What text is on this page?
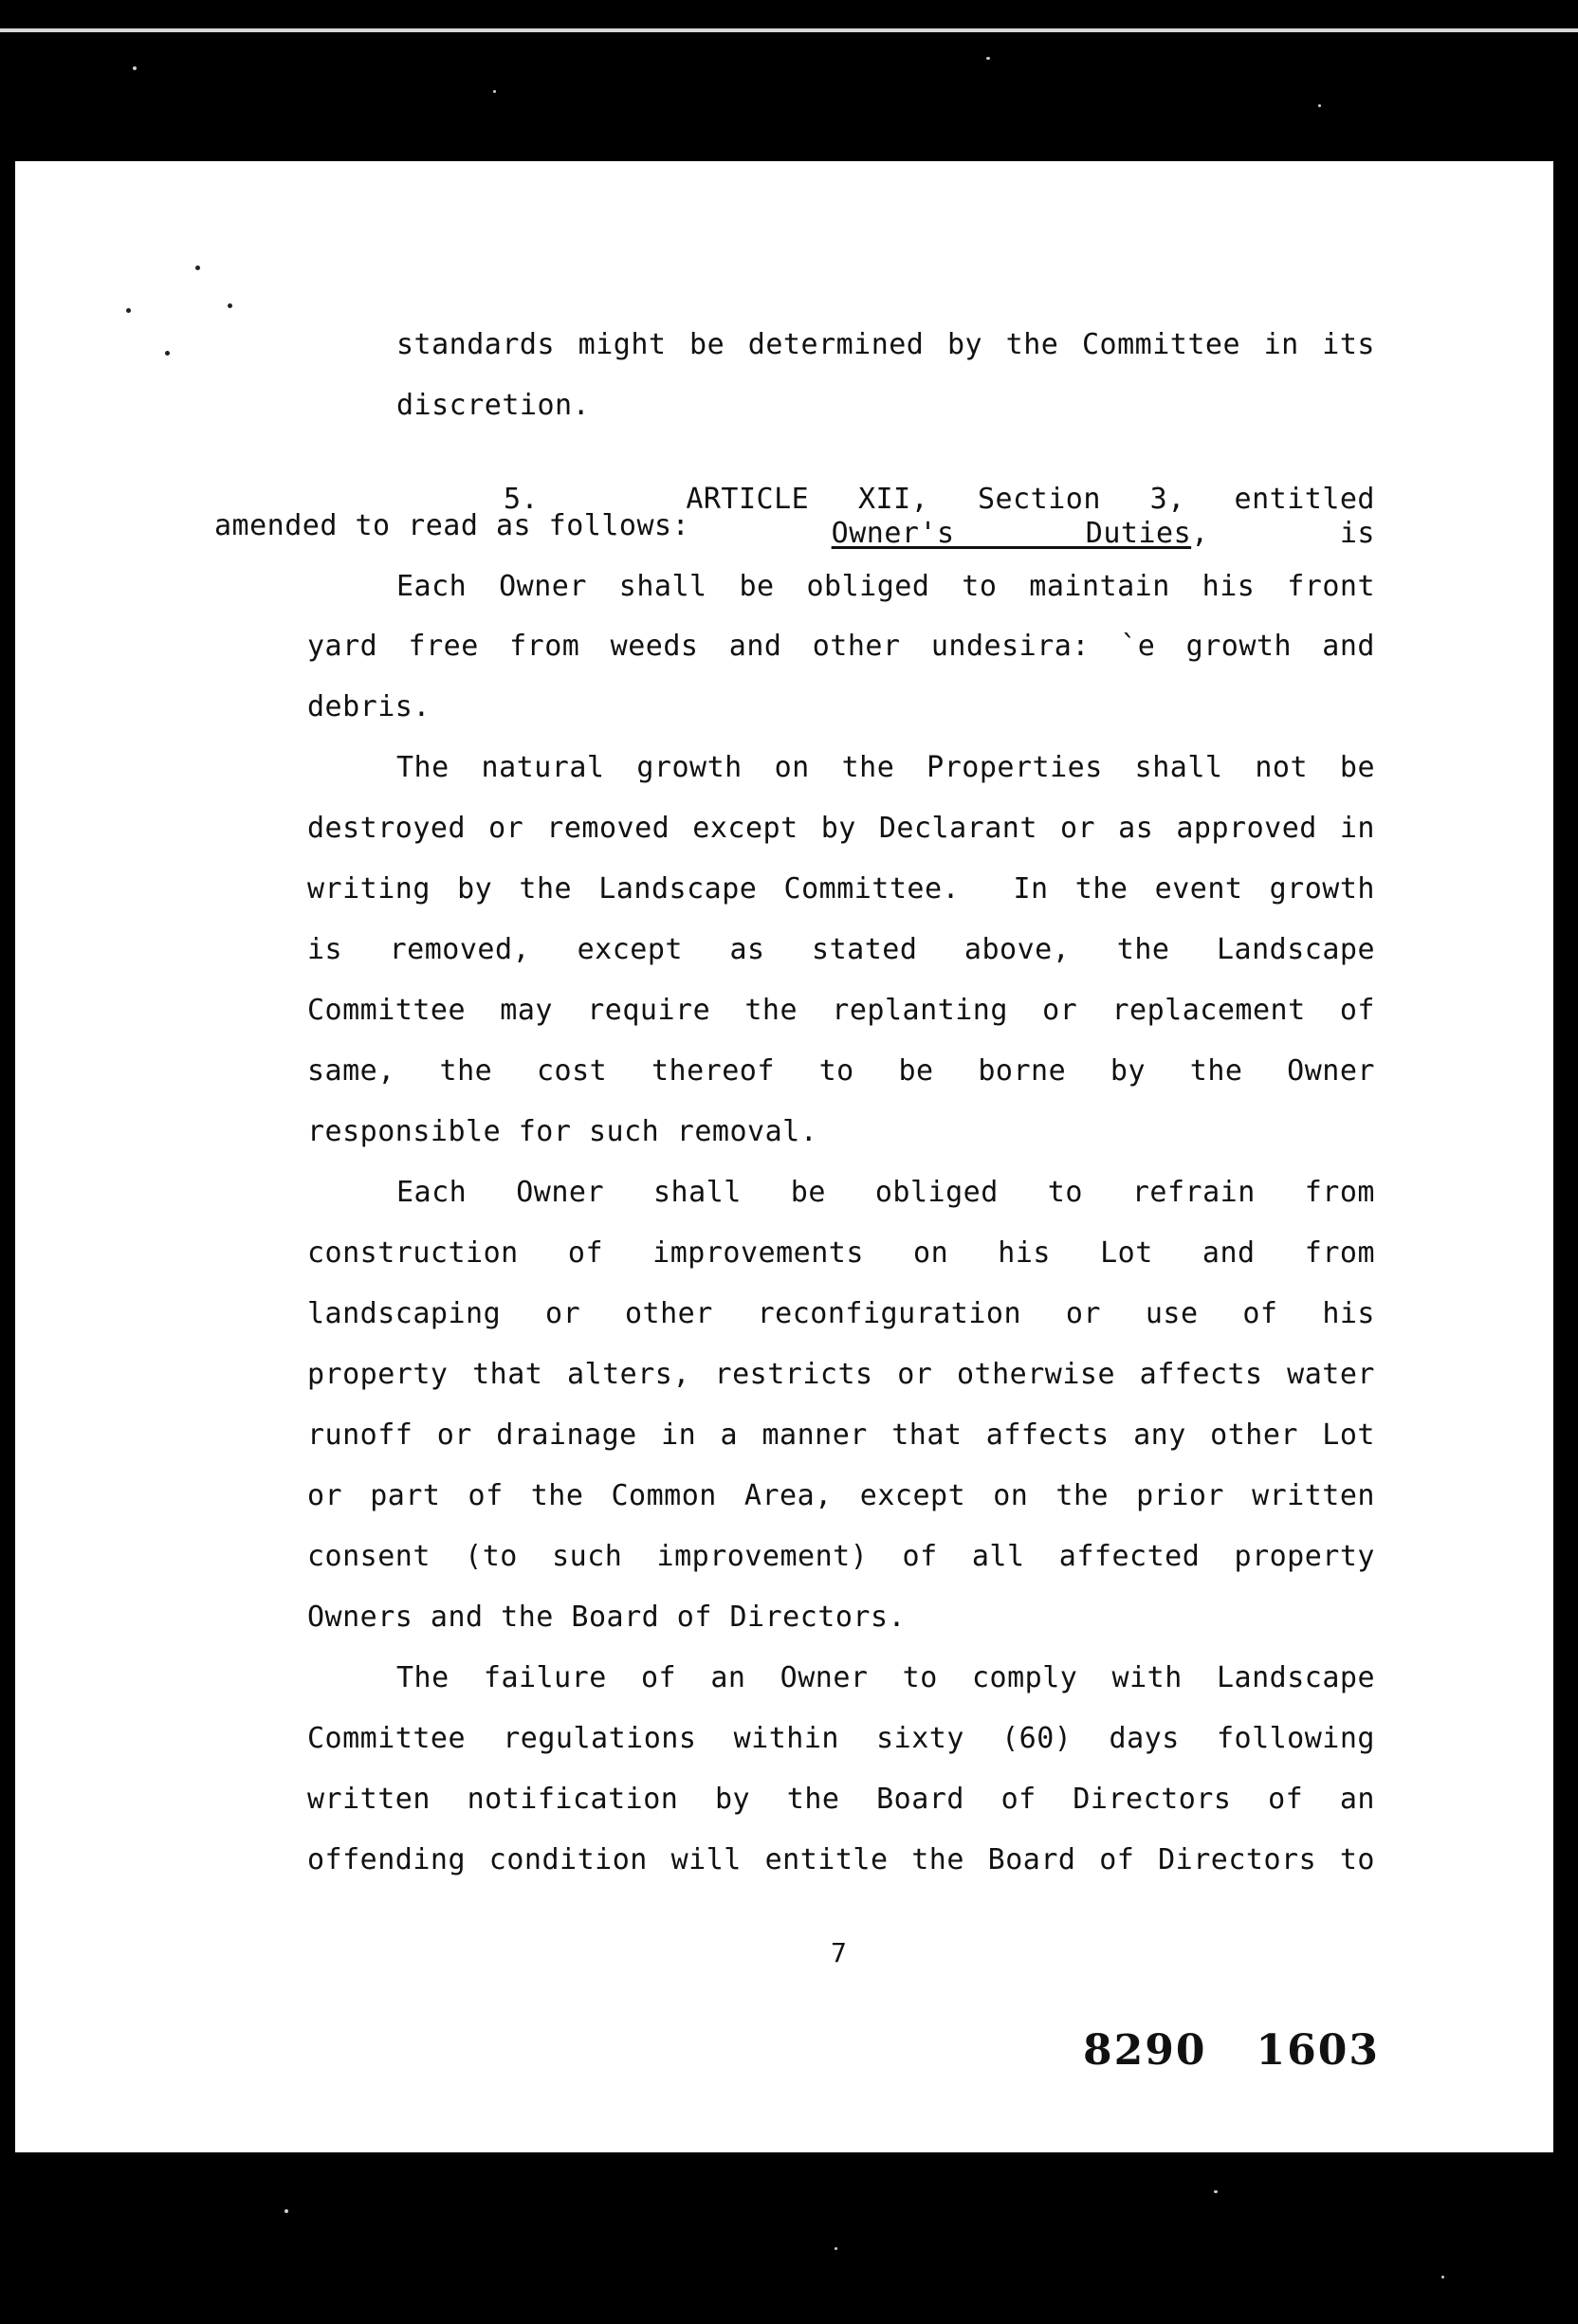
standards might be determined by the Committee in its
discretion.

5.   ARTICLE XII, Section 3, entitled
Owner's Duties, is

amended to read as follows:
Each Owner shall be obliged to maintain his front
yard free from weeds and other undesira: `e growth and
debris.
The natural growth on the Properties shall not be
destroyed or removed except by Declarant or as approved in
writing by the Landscape Committee.  In the event growth
is removed, except as stated above, the Landscape
Committee may require the replanting or replacement of
same, the cost thereof to be borne by the Owner
responsible for such removal.
Each Owner shall be obliged to refrain from
construction of improvements on his Lot and from
landscaping or other reconfiguration or use of his
property that alters, restricts or otherwise affects water
runoff or drainage in a manner that affects any other Lot
or part of the Common Area, except on the prior written
consent (to such improvement) of all affected property
Owners and the Board of Directors.
The failure of an Owner to comply with Landscape
Committee regulations within sixty (60) days following
written notification by the Board of Directors of an
offending condition will entitle the Board of Directors to
7
8290 1603
